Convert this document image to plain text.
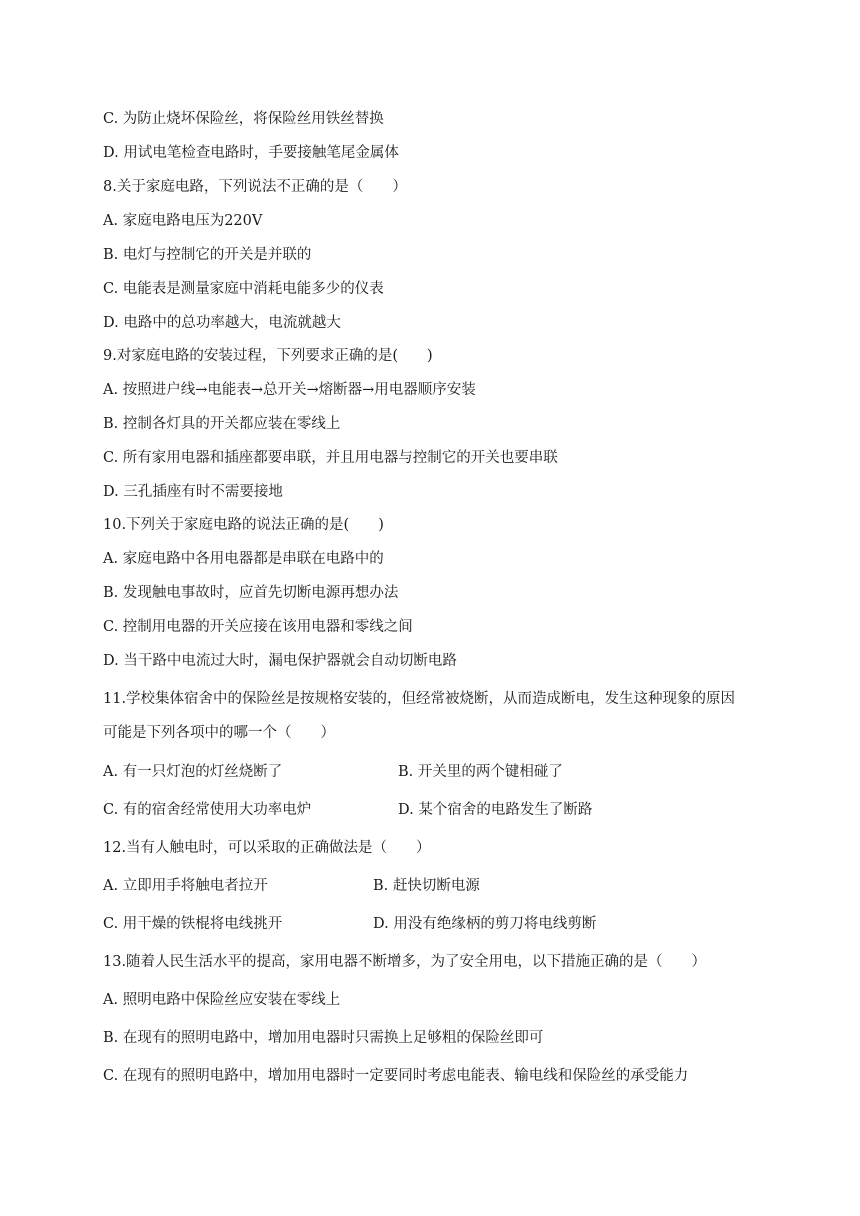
C. 为防止烧坏保险丝，将保险丝用铁丝替换
D. 用试电笔检查电路时，手要接触笔尾金属体
8.关于家庭电路，下列说法不正确的是（　　）
A. 家庭电路电压为220V
B. 电灯与控制它的开关是并联的
C. 电能表是测量家庭中消耗电能多少的仪表
D. 电路中的总功率越大，电流就越大
9.对家庭电路的安装过程，下列要求正确的是(　　)
A. 按照进户线→电能表→总开关→熔断器→用电器顺序安装
B. 控制各灯具的开关都应装在零线上
C. 所有家用电器和插座都要串联，并且用电器与控制它的开关也要串联
D. 三孔插座有时不需要接地
10.下列关于家庭电路的说法正确的是(　　)
A. 家庭电路中各用电器都是串联在电路中的
B. 发现触电事故时，应首先切断电源再想办法
C. 控制用电器的开关应接在该用电器和零线之间
D. 当干路中电流过大时，漏电保护器就会自动切断电路
11.学校集体宿舍中的保险丝是按规格安装的，但经常被烧断，从而造成断电，发生这种现象的原因
可能是下列各项中的哪一个（　　）
A. 有一只灯泡的灯丝烧断了	B. 开关里的两个键相碰了
C. 有的宿舍经常使用大功率电炉	D. 某个宿舍的电路发生了断路
12.当有人触电时，可以采取的正确做法是（　　）
A. 立即用手将触电者拉开	B. 赶快切断电源
C. 用干燥的铁棍将电线挑开	D. 用没有绝缘柄的剪刀将电线剪断
13.随着人民生活水平的提高，家用电器不断增多，为了安全用电，以下措施正确的是（　　）
A. 照明电路中保险丝应安装在零线上
B. 在现有的照明电路中，增加用电器时只需换上足够粗的保险丝即可
C. 在现有的照明电路中，增加用电器时一定要同时考虑电能表、输电线和保险丝的承受能力
